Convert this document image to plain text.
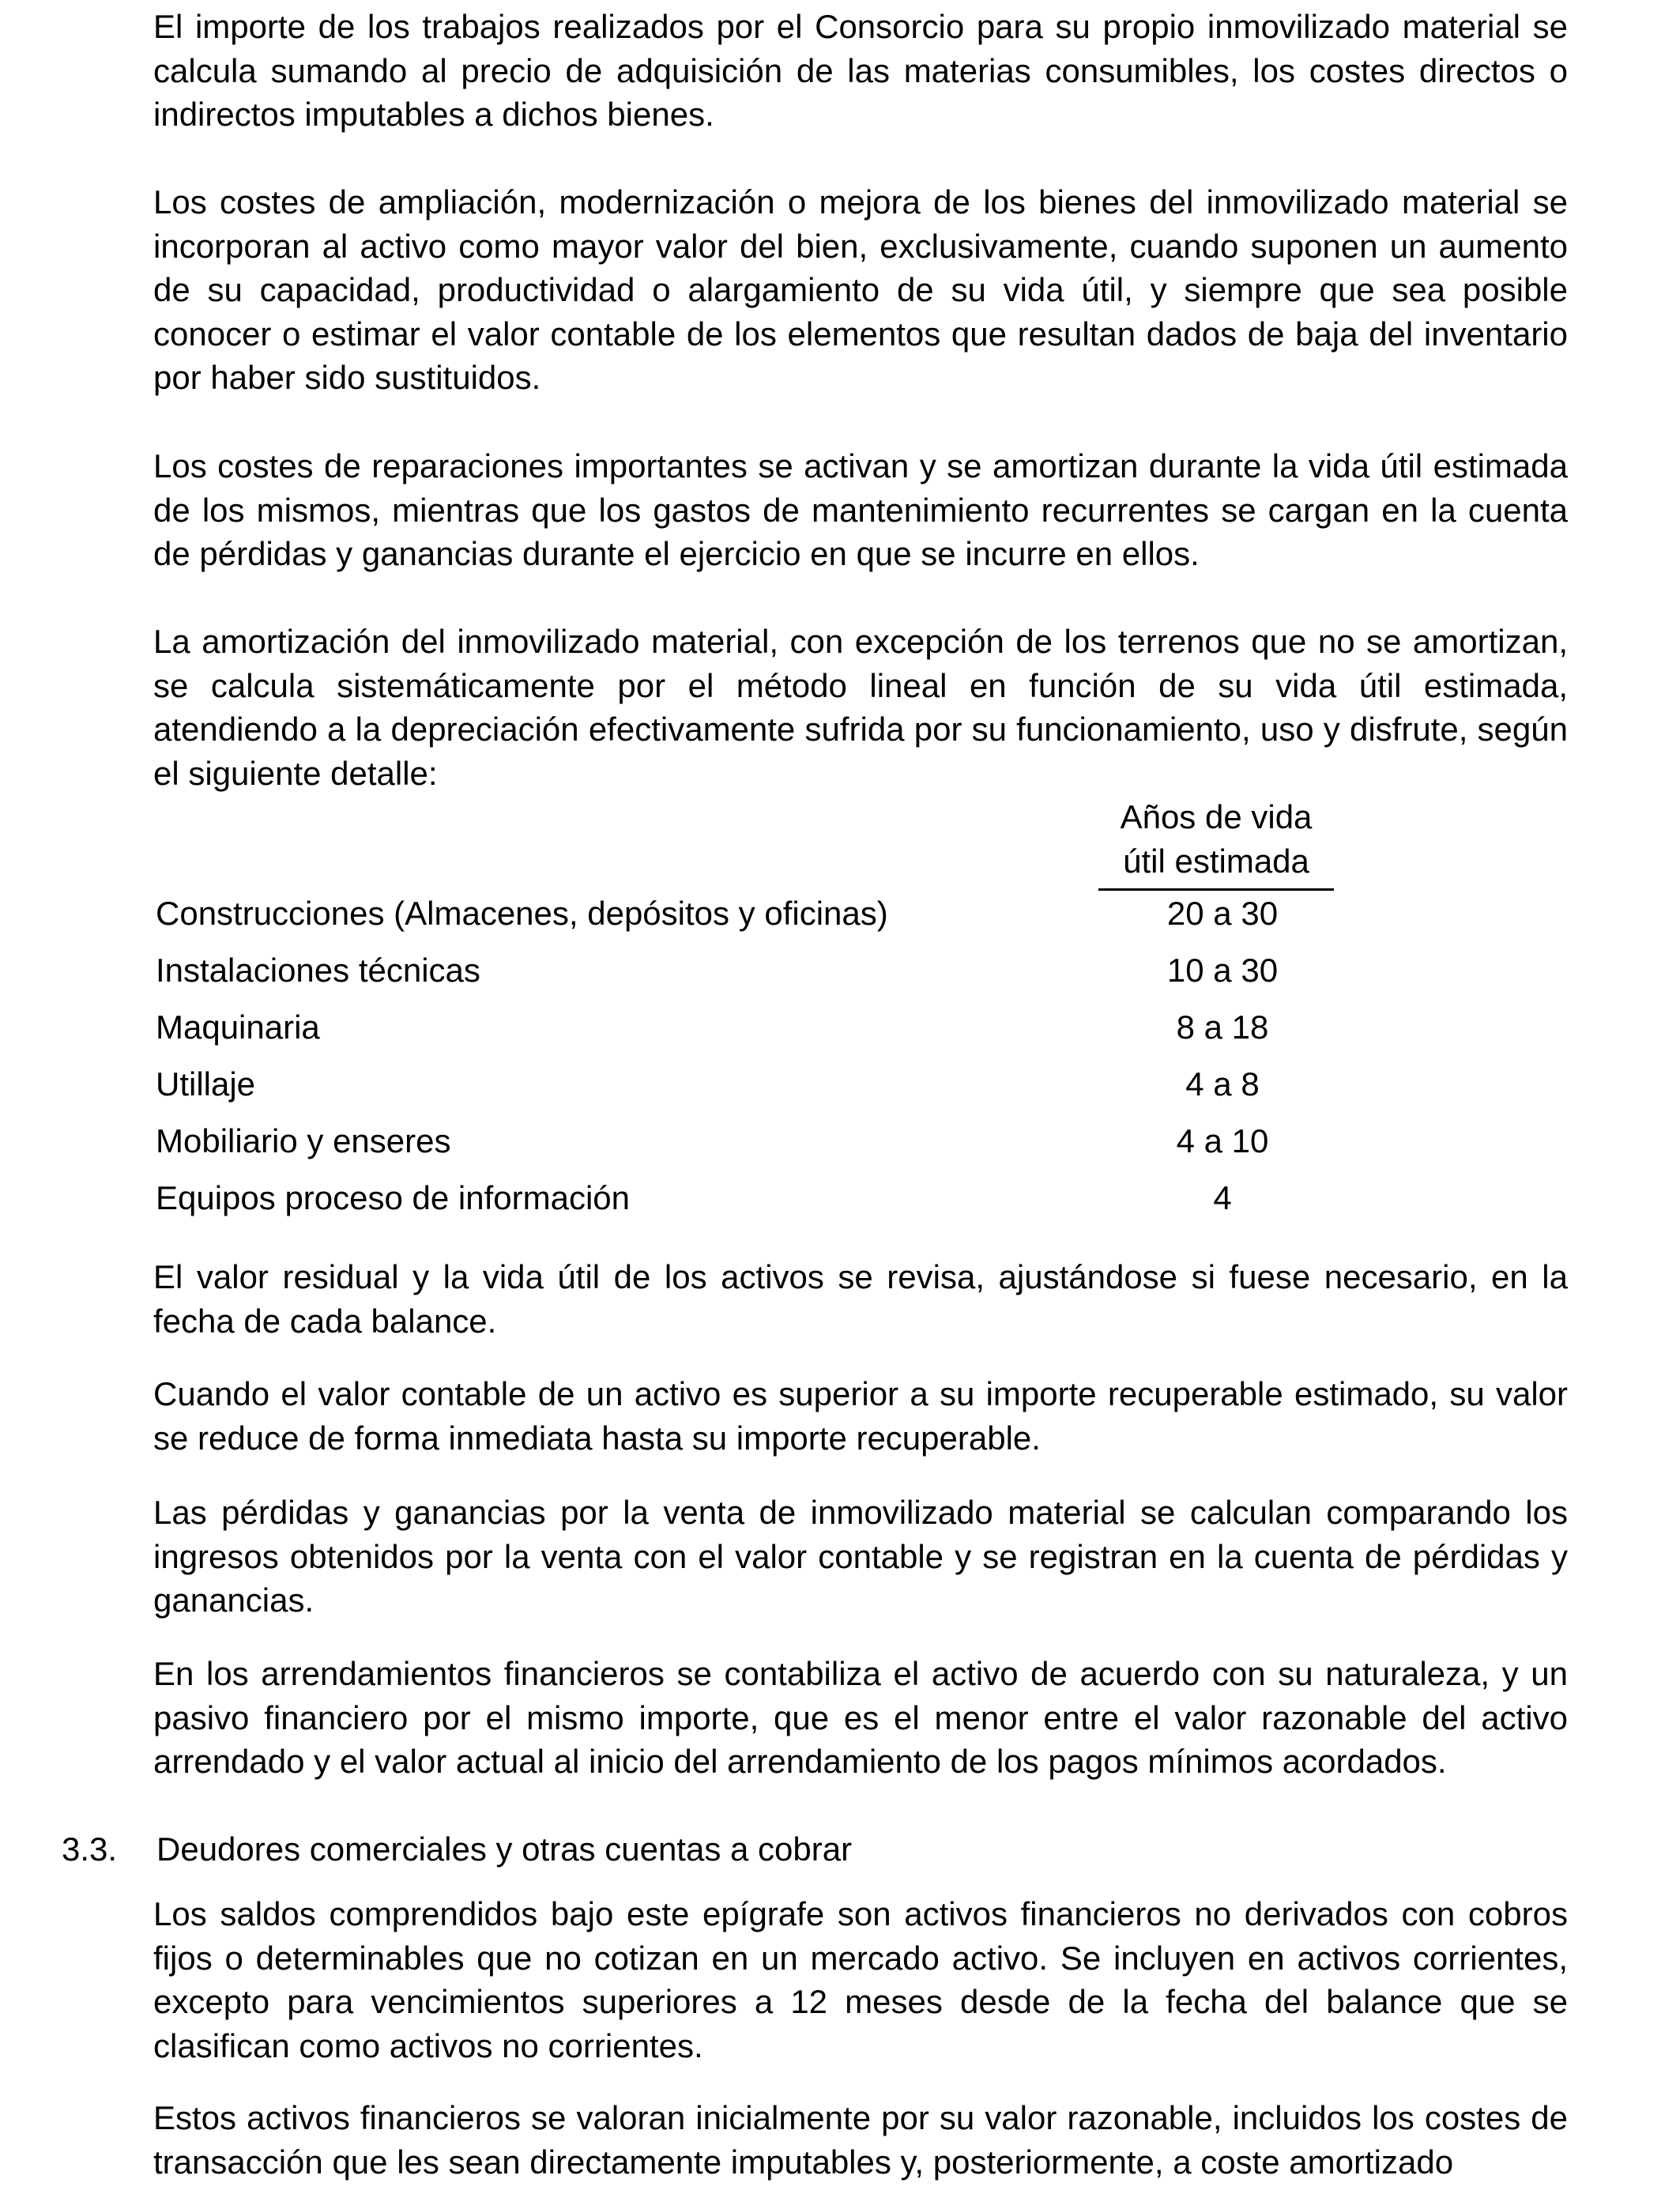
El importe de los trabajos realizados por el Consorcio para su propio inmovilizado material se calcula sumando al precio de adquisición de las materias consumibles, los costes directos o indirectos imputables a dichos bienes.

Los costes de ampliación, modernización o mejora de los bienes del inmovilizado material se incorporan al activo como mayor valor del bien, exclusivamente, cuando suponen un aumento de su capacidad, productividad o alargamiento de su vida útil, y siempre que sea posible conocer o estimar el valor contable de los elementos que resultan dados de baja del inventario por haber sido sustituidos.

Los costes de reparaciones importantes se activan y se amortizan durante la vida útil estimada de los mismos, mientras que los gastos de mantenimiento recurrentes se cargan en la cuenta de pérdidas y ganancias durante el ejercicio en que se incurre en ellos.

La amortización del inmovilizado material, con excepción de los terrenos que no se amortizan, se calcula sistemáticamente por el método lineal en función de su vida útil estimada, atendiendo a la depreciación efectivamente sufrida por su funcionamiento, uso y disfrute, según el siguiente detalle:

Años de vida
útil estimada
Construcciones (Almacenes, depósitos y oficinas)	20 a 30
Instalaciones técnicas	10 a 30
Maquinaria	8 a 18
Utillaje	4 a 8
Mobiliario y enseres	4 a 10
Equipos proceso de información	4

El valor residual y la vida útil de los activos se revisa, ajustándose si fuese necesario, en la fecha de cada balance.

Cuando el valor contable de un activo es superior a su importe recuperable estimado, su valor se reduce de forma inmediata hasta su importe recuperable.

Las pérdidas y ganancias por la venta de inmovilizado material se calculan comparando los ingresos obtenidos por la venta con el valor contable y se registran en la cuenta de pérdidas y ganancias.

En los arrendamientos financieros se contabiliza el activo de acuerdo con su naturaleza, y un pasivo financiero por el mismo importe, que es el menor entre el valor razonable del activo arrendado y el valor actual al inicio del arrendamiento de los pagos mínimos acordados.

3.3. Deudores comerciales y otras cuentas a cobrar

Los saldos comprendidos bajo este epígrafe son activos financieros no derivados con cobros fijos o determinables que no cotizan en un mercado activo. Se incluyen en activos corrientes, excepto para vencimientos superiores a 12 meses desde de la fecha del balance que se clasifican como activos no corrientes.

Estos activos financieros se valoran inicialmente por su valor razonable, incluidos los costes de transacción que les sean directamente imputables y, posteriormente, a coste amortizado
